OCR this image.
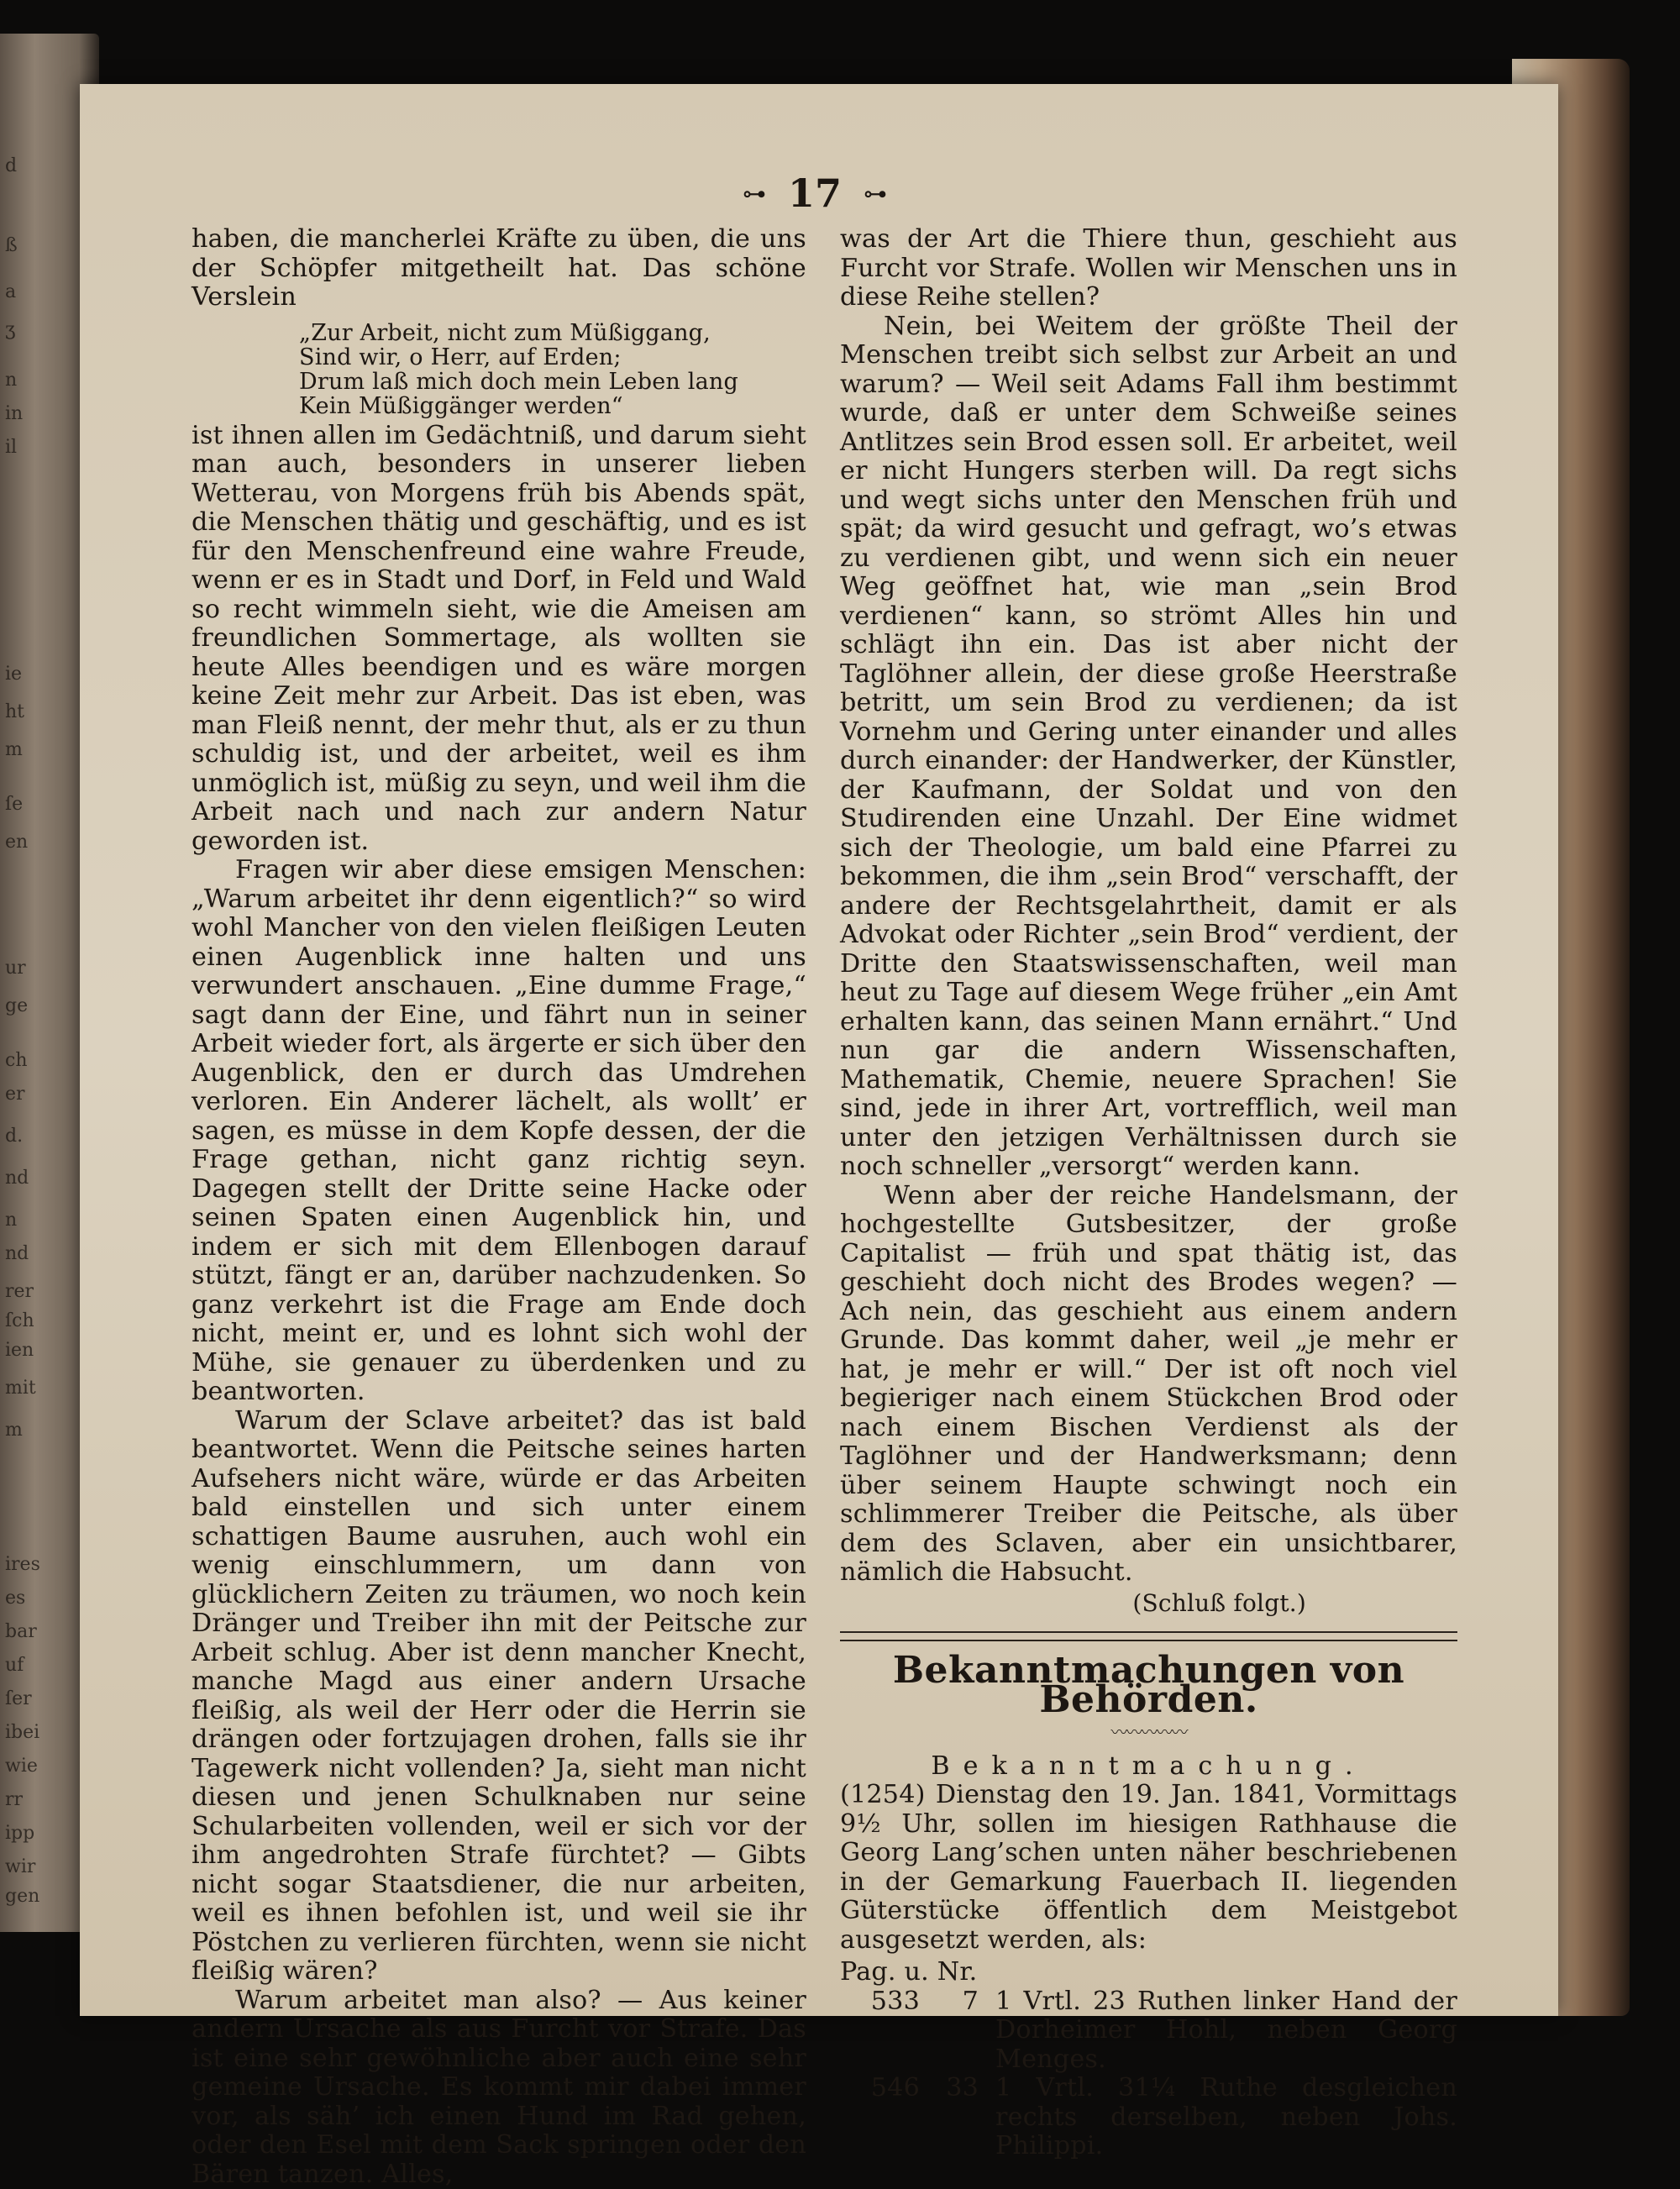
d
ß
a
ʒ
n
in
il
ie
ht
m
ſe
en
ur
ge
ch
er
d.
nd
n
nd
rer
ſch
ien
mit
m
ires
es
bar
uf
ſer
ibei
wie
rr
ipp
wir
gen
⊶ 17 ⊶

haben, die mancherlei Kräfte zu üben, die uns der Schöpfer mitgetheilt hat. Das schöne Verslein

„Zur Arbeit, nicht zum Müßiggang,
Sind wir, o Herr, auf Erden;
Drum laß mich doch mein Leben lang
Kein Müßiggänger werden“

ist ihnen allen im Gedächtniß, und darum sieht man auch, besonders in unserer lieben Wetterau, von Morgens früh bis Abends spät, die Menschen thätig und geschäftig, und es ist für den Menschenfreund eine wahre Freude, wenn er es in Stadt und Dorf, in Feld und Wald so recht wimmeln sieht, wie die Ameisen am freundlichen Sommertage, als wollten sie heute Alles beendigen und es wäre morgen keine Zeit mehr zur Arbeit. Das ist eben, was man Fleiß nennt, der mehr thut, als er zu thun schuldig ist, und der arbeitet, weil es ihm unmöglich ist, müßig zu seyn, und weil ihm die Arbeit nach und nach zur andern Natur geworden ist.

Fragen wir aber diese emsigen Menschen: „Warum arbeitet ihr denn eigentlich?“ so wird wohl Mancher von den vielen fleißigen Leuten einen Augenblick inne halten und uns verwundert anschauen. „Eine dumme Frage,“ sagt dann der Eine, und fährt nun in seiner Arbeit wieder fort, als ärgerte er sich über den Augenblick, den er durch das Umdrehen verloren. Ein Anderer lächelt, als wollt’ er sagen, es müsse in dem Kopfe dessen, der die Frage gethan, nicht ganz richtig seyn. Dagegen stellt der Dritte seine Hacke oder seinen Spaten einen Augenblick hin, und indem er sich mit dem Ellenbogen darauf stützt, fängt er an, darüber nachzudenken. So ganz verkehrt ist die Frage am Ende doch nicht, meint er, und es lohnt sich wohl der Mühe, sie genauer zu überdenken und zu beantworten.

Warum der Sclave arbeitet? das ist bald beantwortet. Wenn die Peitsche seines harten Aufsehers nicht wäre, würde er das Arbeiten bald einstellen und sich unter einem schattigen Baume ausruhen, auch wohl ein wenig einschlummern, um dann von glücklichern Zeiten zu träumen, wo noch kein Dränger und Treiber ihn mit der Peitsche zur Arbeit schlug. Aber ist denn mancher Knecht, manche Magd aus einer andern Ursache fleißig, als weil der Herr oder die Herrin sie drängen oder fortzujagen drohen, falls sie ihr Tagewerk nicht vollenden? Ja, sieht man nicht diesen und jenen Schulknaben nur seine Schularbeiten vollenden, weil er sich vor der ihm angedrohten Strafe fürchtet? — Gibts nicht sogar Staatsdiener, die nur arbeiten, weil es ihnen befohlen ist, und weil sie ihr Pöstchen zu verlieren fürchten, wenn sie nicht fleißig wären?

Warum arbeitet man also? — Aus keiner andern Ursache als aus Furcht vor Strafe. Das ist eine sehr gewöhnliche aber auch eine sehr gemeine Ursache. Es kommt mir dabei immer vor, als säh’ ich einen Hund im Rad gehen, oder den Esel mit dem Sack springen oder den Bären tanzen. Alles,

was der Art die Thiere thun, geschieht aus Furcht vor Strafe. Wollen wir Menschen uns in diese Reihe stellen?

Nein, bei Weitem der größte Theil der Menschen treibt sich selbst zur Arbeit an und warum? — Weil seit Adams Fall ihm bestimmt wurde, daß er unter dem Schweiße seines Antlitzes sein Brod essen soll. Er arbeitet, weil er nicht Hungers sterben will. Da regt sichs und wegt sichs unter den Menschen früh und spät; da wird gesucht und gefragt, wo’s etwas zu verdienen gibt, und wenn sich ein neuer Weg geöffnet hat, wie man „sein Brod verdienen“ kann, so strömt Alles hin und schlägt ihn ein. Das ist aber nicht der Taglöhner allein, der diese große Heerstraße betritt, um sein Brod zu verdienen; da ist Vornehm und Gering unter einander und alles durch einander: der Handwerker, der Künstler, der Kaufmann, der Soldat und von den Studirenden eine Unzahl. Der Eine widmet sich der Theologie, um bald eine Pfarrei zu bekommen, die ihm „sein Brod“ verschafft, der andere der Rechtsgelahrtheit, damit er als Advokat oder Richter „sein Brod“ verdient, der Dritte den Staatswissenschaften, weil man heut zu Tage auf diesem Wege früher „ein Amt erhalten kann, das seinen Mann ernährt.“ Und nun gar die andern Wissenschaften, Mathematik, Chemie, neuere Sprachen! Sie sind, jede in ihrer Art, vortrefflich, weil man unter den jetzigen Verhältnissen durch sie noch schneller „versorgt“ werden kann.

Wenn aber der reiche Handelsmann, der hochgestellte Gutsbesitzer, der große Capitalist — früh und spat thätig ist, das geschieht doch nicht des Brodes wegen? — Ach nein, das geschieht aus einem andern Grunde. Das kommt daher, weil „je mehr er hat, je mehr er will.“ Der ist oft noch viel begieriger nach einem Stückchen Brod oder nach einem Bischen Verdienst als der Taglöhner und der Handwerksmann; denn über seinem Haupte schwingt noch ein schlimmerer Treiber die Peitsche, als über dem des Sclaven, aber ein unsichtbarer, nämlich die Habsucht.

(Schluß folgt.)
Bekanntmachungen von Behörden.
〰〰〰〰〰
Bekanntmachung.

(1254) Dienstag den 19. Jan. 1841, Vormittags 9½ Uhr, sollen im hiesigen Rathhause die Georg Lang’schen unten näher beschriebenen in der Gemarkung Fauerbach II. liegenden Güterstücke öffentlich dem Meistgebot ausgesetzt werden, als:

Pag. u. Nr.
533	7 1 Vrtl. 23 Ruthen linker Hand der Dorheimer Hohl, neben Georg Menges.
546	33 1 Vrtl. 31¼ Ruthe desgleichen rechts derselben, neben Johs. Philippi.
